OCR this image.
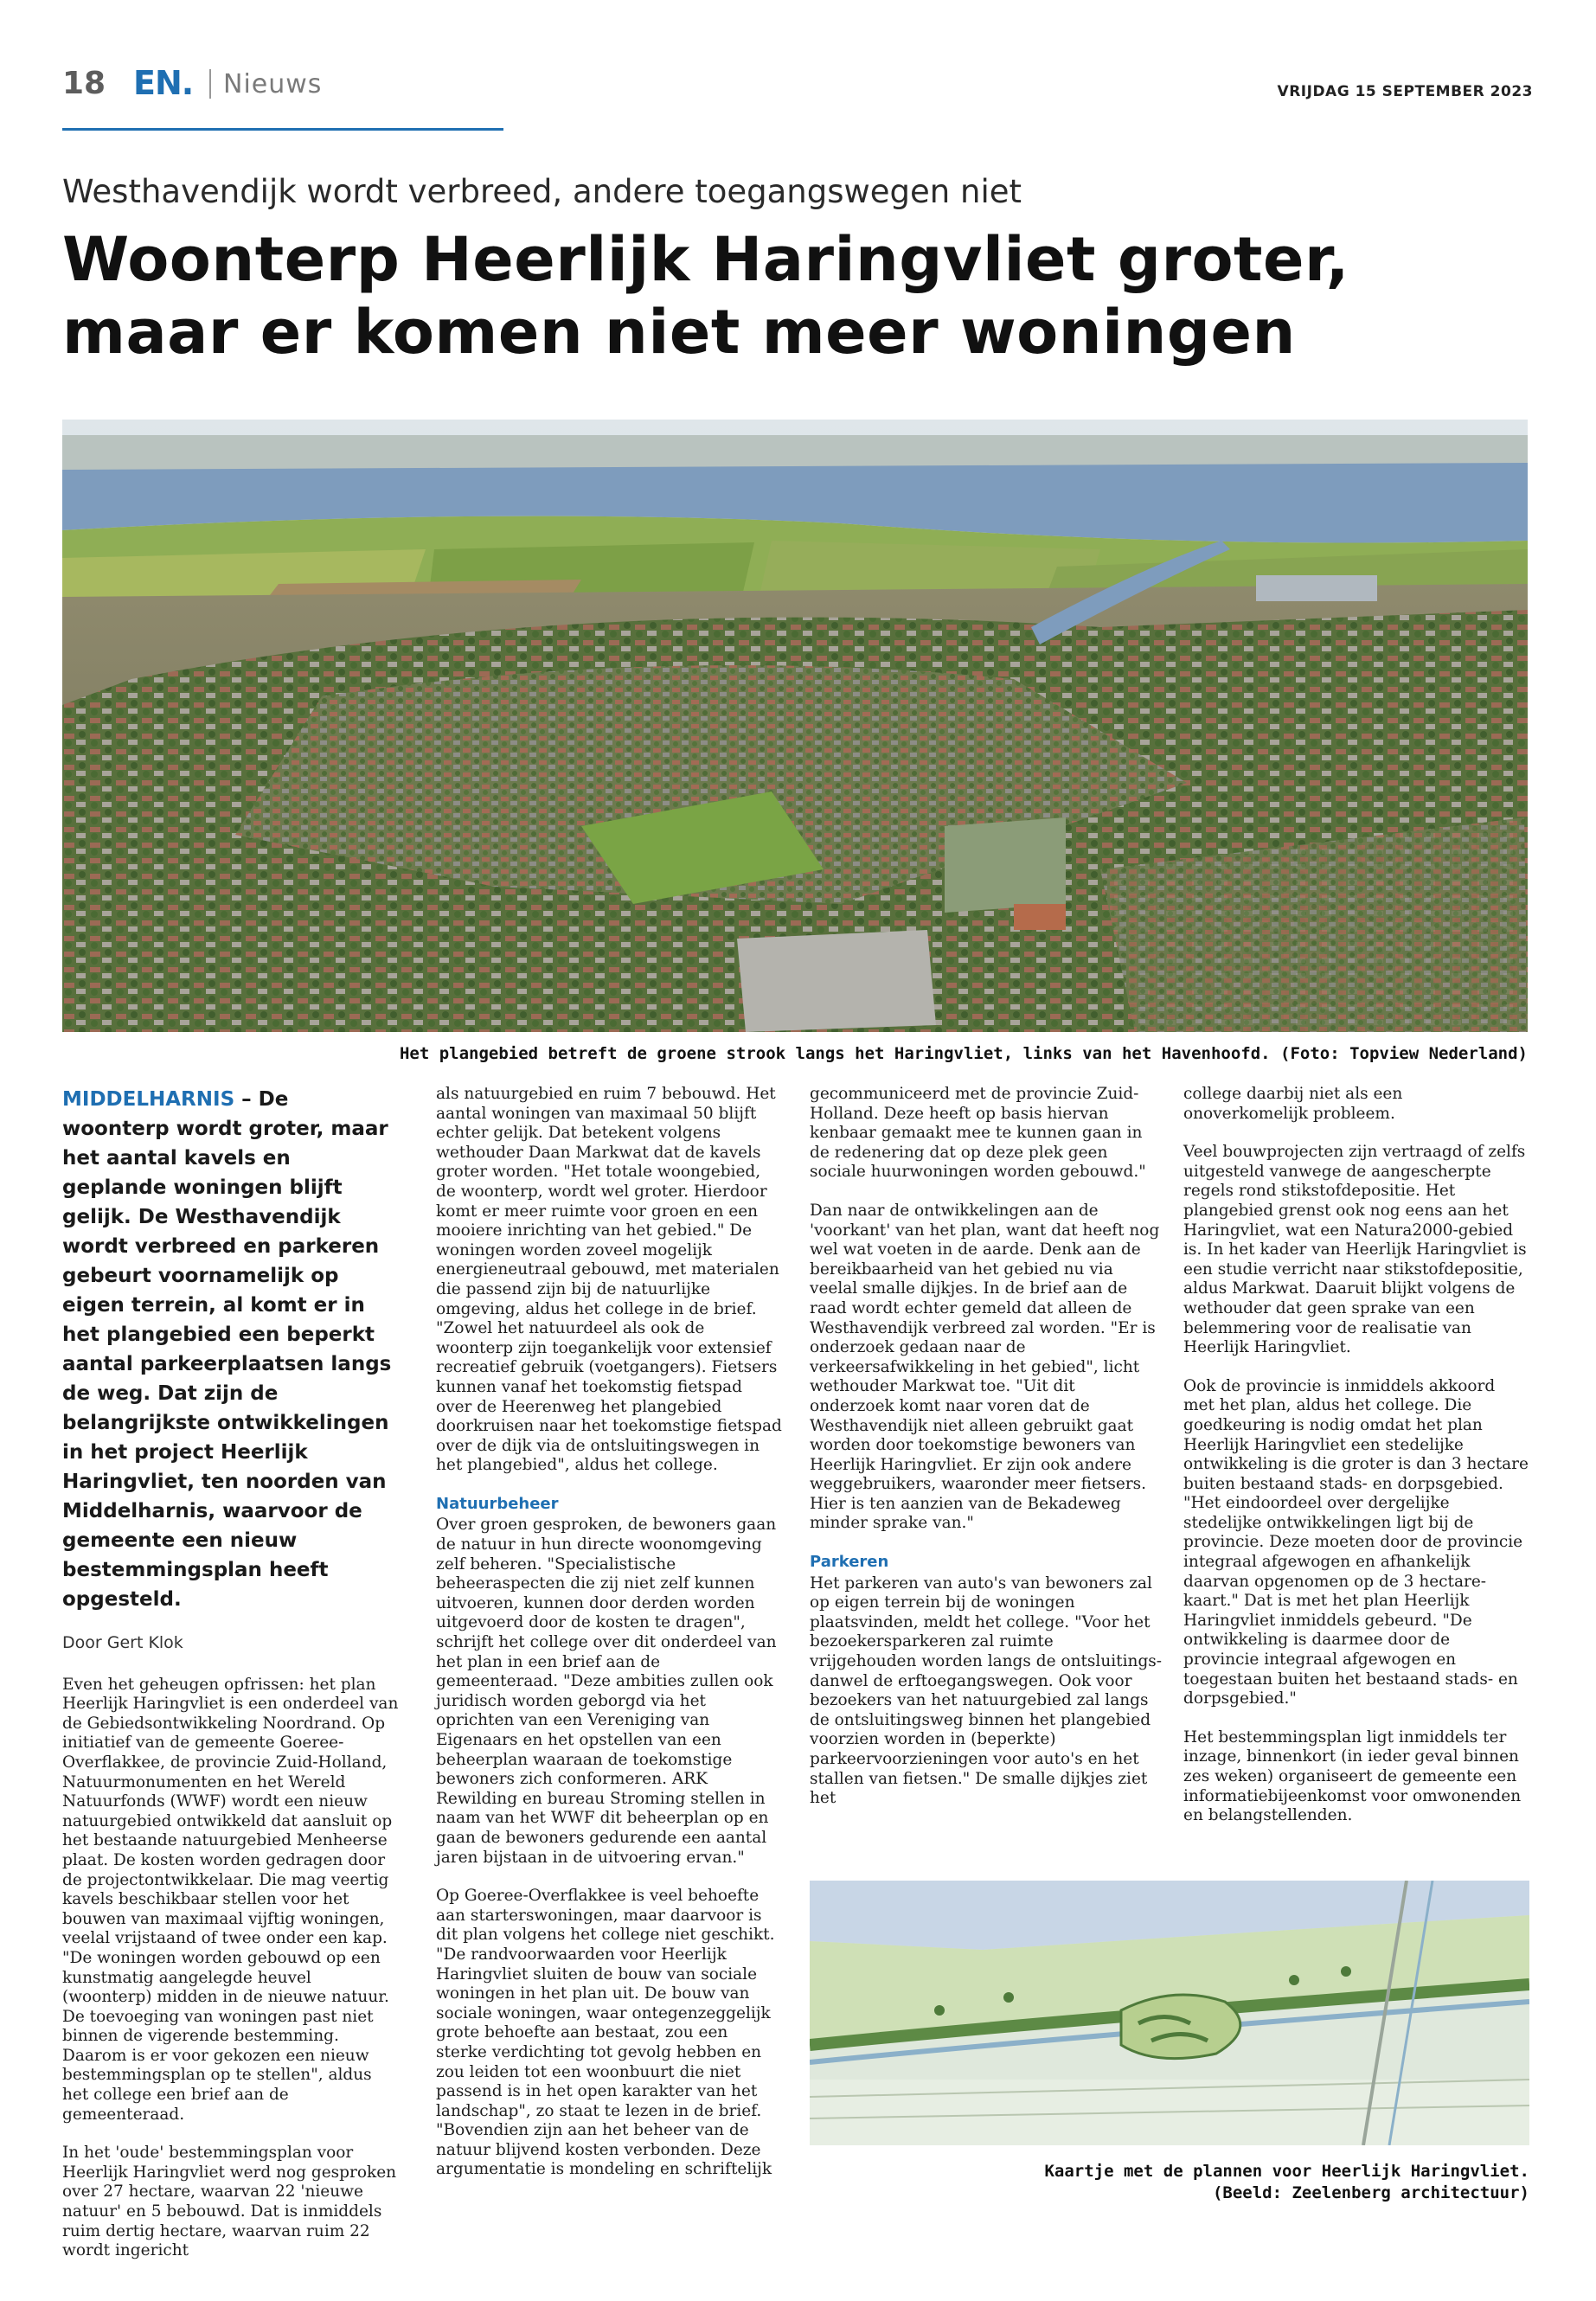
18 EN. Nieuws	VRIJDAG 15 SEPTEMBER 2023
Westhavendijk wordt verbreed, andere toegangswegen niet
Woonterp Heerlijk Haringvliet groter,
maar er komen niet meer woningen
Het plangebied betreft de groene strook langs het Haringvliet, links van het Havenhoofd. (Foto: Topview Nederland)
MIDDELHARNIS – De woonterp wordt groter, maar het aantal kavels en geplande woningen blijft gelijk. De Westhavendijk wordt verbreed en parkeren gebeurt voornamelijk op eigen terrein, al komt er in het plangebied een beperkt aantal parkeerplaatsen langs de weg. Dat zijn de belangrijkste ontwikkelingen in het project Heerlijk Haringvliet, ten noorden van Middelharnis, waarvoor de gemeente een nieuw bestemmingsplan heeft opgesteld.
Door Gert Klok

Even het geheugen opfrissen: het plan Heerlijk Haringvliet is een onderdeel van de Gebiedsontwikkeling Noordrand. Op initiatief van de gemeente Goeree-Overflakkee, de provincie Zuid-Holland, Natuurmonumenten en het Wereld Natuurfonds (WWF) wordt een nieuw natuurgebied ontwikkeld dat aansluit op het bestaande natuurgebied Menheerse plaat. De kosten worden gedragen door de projectontwikkelaar. Die mag veertig kavels beschikbaar stellen voor het bouwen van maximaal vijftig woningen, veelal vrijstaand of twee onder een kap. "De woningen worden gebouwd op een kunstmatig aangelegde heuvel (woonterp) midden in de nieuwe natuur. De toevoeging van woningen past niet binnen de vigerende bestemming. Daarom is er voor gekozen een nieuw bestemmingsplan op te stellen", aldus het college een brief aan de gemeenteraad.

In het 'oude' bestemmingsplan voor Heerlijk Haringvliet werd nog gesproken over 27 hectare, waarvan 22 'nieuwe natuur' en 5 bebouwd. Dat is inmiddels ruim dertig hectare, waarvan ruim 22 wordt ingericht

als natuurgebied en ruim 7 bebouwd. Het aantal woningen van maximaal 50 blijft echter gelijk. Dat betekent volgens wethouder Daan Markwat dat de kavels groter worden. "Het totale woongebied, de woonterp, wordt wel groter. Hierdoor komt er meer ruimte voor groen en een mooiere inrichting van het gebied." De woningen worden zoveel mogelijk energieneutraal gebouwd, met materialen die passend zijn bij de natuurlijke omgeving, aldus het college in de brief. "Zowel het natuurdeel als ook de woonterp zijn toegankelijk voor extensief recreatief gebruik (voetgangers). Fietsers kunnen vanaf het toekomstig fietspad over de Heerenweg het plangebied doorkruisen naar het toekomstige fietspad over de dijk via de ontsluitingswegen in het plangebied", aldus het college.

Natuurbeheer

Over groen gesproken, de bewoners gaan de natuur in hun directe woonomgeving zelf beheren. "Specialistische beheeraspecten die zij niet zelf kunnen uitvoeren, kunnen door derden worden uitgevoerd door de kosten te dragen", schrijft het college over dit onderdeel van het plan in een brief aan de gemeenteraad. "Deze ambities zullen ook juridisch worden geborgd via het oprichten van een Vereniging van Eigenaars en het opstellen van een beheerplan waaraan de toekomstige bewoners zich conformeren. ARK Rewilding en bureau Stroming stellen in naam van het WWF dit beheerplan op en gaan de bewoners gedurende een aantal jaren bijstaan in de uitvoering ervan."

Op Goeree-Overflakkee is veel behoefte aan starterswoningen, maar daarvoor is dit plan volgens het college niet geschikt. "De randvoorwaarden voor Heerlijk Haringvliet sluiten de bouw van sociale woningen in het plan uit. De bouw van sociale woningen, waar ontegenzeggelijk grote behoefte aan bestaat, zou een sterke verdichting tot gevolg hebben en zou leiden tot een woonbuurt die niet passend is in het open karakter van het landschap", zo staat te lezen in de brief. "Bovendien zijn aan het beheer van de natuur blijvend kosten verbonden. Deze argumentatie is mondeling en schriftelijk

gecommuniceerd met de provincie Zuid-Holland. Deze heeft op basis hiervan kenbaar gemaakt mee te kunnen gaan in de redenering dat op deze plek geen sociale huurwoningen worden gebouwd."

Dan naar de ontwikkelingen aan de 'voorkant' van het plan, want dat heeft nog wel wat voeten in de aarde. Denk aan de bereikbaarheid van het gebied nu via veelal smalle dijkjes. In de brief aan de raad wordt echter gemeld dat alleen de Westhavendijk verbreed zal worden. "Er is onderzoek gedaan naar de verkeersafwikkeling in het gebied", licht wethouder Markwat toe. "Uit dit onderzoek komt naar voren dat de Westhavendijk niet alleen gebruikt gaat worden door toekomstige bewoners van Heerlijk Haringvliet. Er zijn ook andere weggebruikers, waaronder meer fietsers. Hier is ten aanzien van de Bekadeweg minder sprake van."

Parkeren

Het parkeren van auto's van bewoners zal op eigen terrein bij de woningen plaatsvinden, meldt het college. "Voor het bezoekersparkeren zal ruimte vrijgehouden worden langs de ontsluitings-danwel de erftoegangswegen. Ook voor bezoekers van het natuurgebied zal langs de ontsluitingsweg binnen het plangebied voorzien worden in (beperkte) parkeervoorzieningen voor auto's en het stallen van fietsen." De smalle dijkjes ziet het

college daarbij niet als een onoverkomelijk probleem.

Veel bouwprojecten zijn vertraagd of zelfs uitgesteld vanwege de aangescherpte regels rond stikstofdepositie. Het plangebied grenst ook nog eens aan het Haringvliet, wat een Natura2000-gebied is. In het kader van Heerlijk Haringvliet is een studie verricht naar stikstofdepositie, aldus Markwat. Daaruit blijkt volgens de wethouder dat geen sprake van een belemmering voor de realisatie van Heerlijk Haringvliet.

Ook de provincie is inmiddels akkoord met het plan, aldus het college. Die goedkeuring is nodig omdat het plan Heerlijk Haringvliet een stedelijke ontwikkeling is die groter is dan 3 hectare buiten bestaand stads- en dorpsgebied. "Het eindoordeel over dergelijke stedelijke ontwikkelingen ligt bij de provincie. Deze moeten door de provincie integraal afgewogen en afhankelijk daarvan opgenomen op de 3 hectare-kaart." Dat is met het plan Heerlijk Haringvliet inmiddels gebeurd. "De ontwikkeling is daarmee door de provincie integraal afgewogen en toegestaan buiten het bestaand stads- en dorpsgebied."

Het bestemmingsplan ligt inmiddels ter inzage, binnenkort (in ieder geval binnen zes weken) organiseert de gemeente een informatiebijeenkomst voor omwonenden en belangstellenden.

Kaartje met de plannen voor Heerlijk Haringvliet.
(Beeld: Zeelenberg architectuur)
